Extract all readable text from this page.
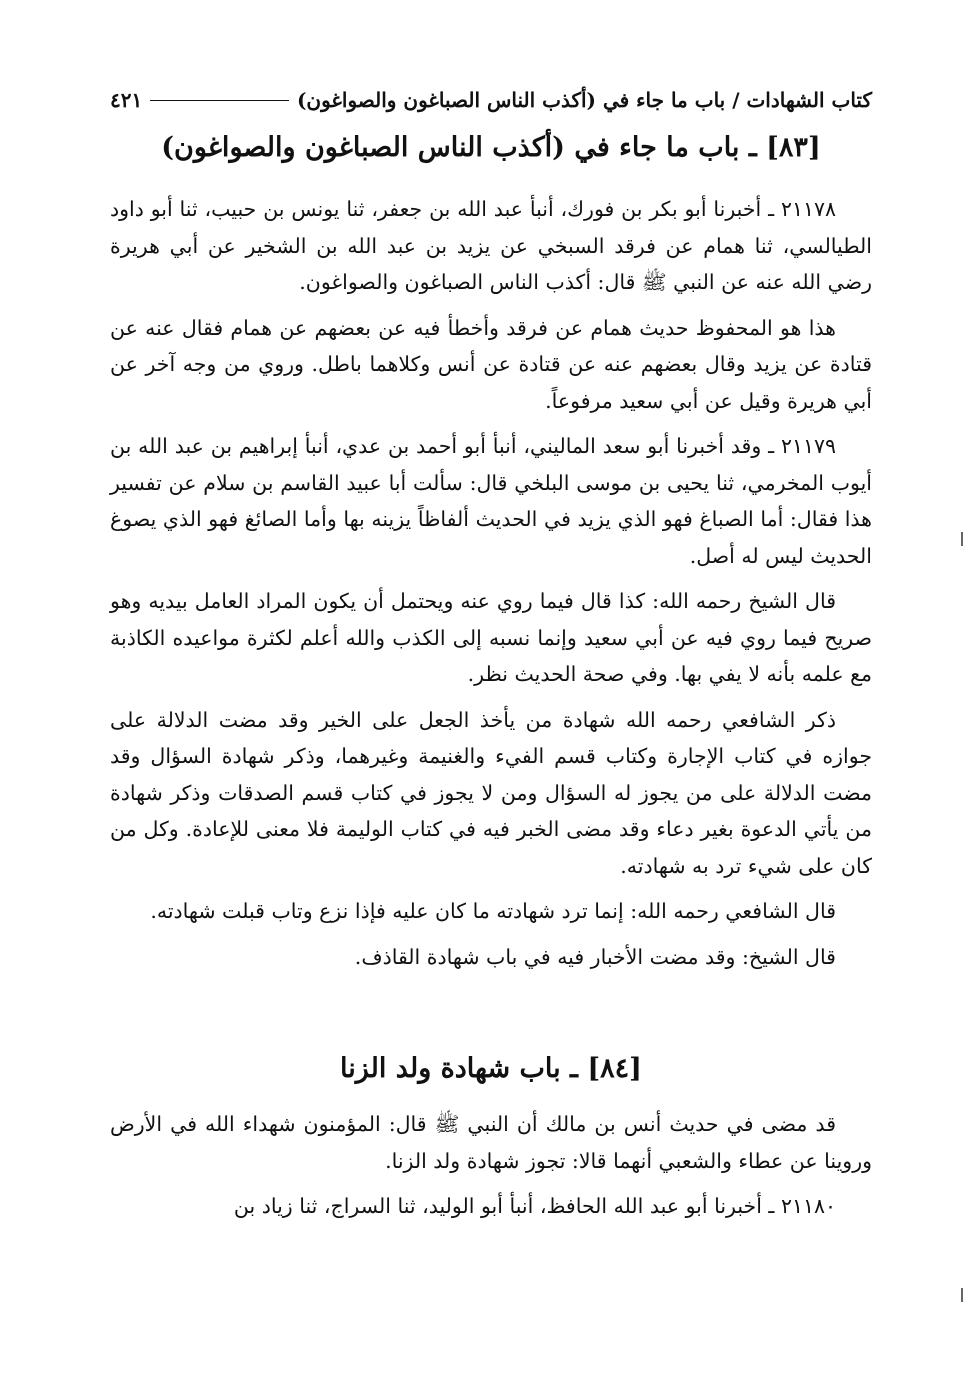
كتاب الشهادات / باب ما جاء في (أكذب الناس الصباغون والصواغون)
٤٢١
[٨٣] ـ باب ما جاء في (أكذب الناس الصباغون والصواغون)

٢١١٧٨ ـ أخبرنا أبو بكر بن فورك، أنبأ عبد الله بن جعفر، ثنا يونس بن حبيب، ثنا أبو داود الطيالسي، ثنا همام عن فرقد السبخي عن يزيد بن عبد الله بن الشخير عن أبي هريرة رضي الله عنه عن النبي ﷺ قال: أكذب الناس الصباغون والصواغون.

هذا هو المحفوظ حديث همام عن فرقد وأخطأ فيه عن بعضهم عن همام فقال عنه عن قتادة عن يزيد وقال بعضهم عنه عن قتادة عن أنس وكلاهما باطل. وروي من وجه آخر عن أبي هريرة وقيل عن أبي سعيد مرفوعاً.

٢١١٧٩ ـ وقد أخبرنا أبو سعد الماليني، أنبأ أبو أحمد بن عدي، أنبأ إبراهيم بن عبد الله بن أيوب المخرمي، ثنا يحيى بن موسى البلخي قال: سألت أبا عبيد القاسم بن سلام عن تفسير هذا فقال: أما الصباغ فهو الذي يزيد في الحديث ألفاظاً يزينه بها وأما الصائغ فهو الذي يصوغ الحديث ليس له أصل.

قال الشيخ رحمه الله: كذا قال فيما روي عنه ويحتمل أن يكون المراد العامل بيديه وهو صريح فيما روي فيه عن أبي سعيد وإنما نسبه إلى الكذب والله أعلم لكثرة مواعيده الكاذبة مع علمه بأنه لا يفي بها. وفي صحة الحديث نظر.

ذكر الشافعي رحمه الله شهادة من يأخذ الجعل على الخير وقد مضت الدلالة على جوازه في كتاب الإجارة وكتاب قسم الفيء والغنيمة وغيرهما، وذكر شهادة السؤال وقد مضت الدلالة على من يجوز له السؤال ومن لا يجوز في كتاب قسم الصدقات وذكر شهادة من يأتي الدعوة بغير دعاء وقد مضى الخبر فيه في كتاب الوليمة فلا معنى للإعادة. وكل من كان على شيء ترد به شهادته.

قال الشافعي رحمه الله: إنما ترد شهادته ما كان عليه فإذا نزع وتاب قبلت شهادته.

قال الشيخ: وقد مضت الأخبار فيه في باب شهادة القاذف.

[٨٤] ـ باب شهادة ولد الزنا

قد مضى في حديث أنس بن مالك أن النبي ﷺ قال: المؤمنون شهداء الله في الأرض وروينا عن عطاء والشعبي أنهما قالا: تجوز شهادة ولد الزنا.

٢١١٨٠ ـ أخبرنا أبو عبد الله الحافظ، أنبأ أبو الوليد، ثنا السراج، ثنا زياد بن
